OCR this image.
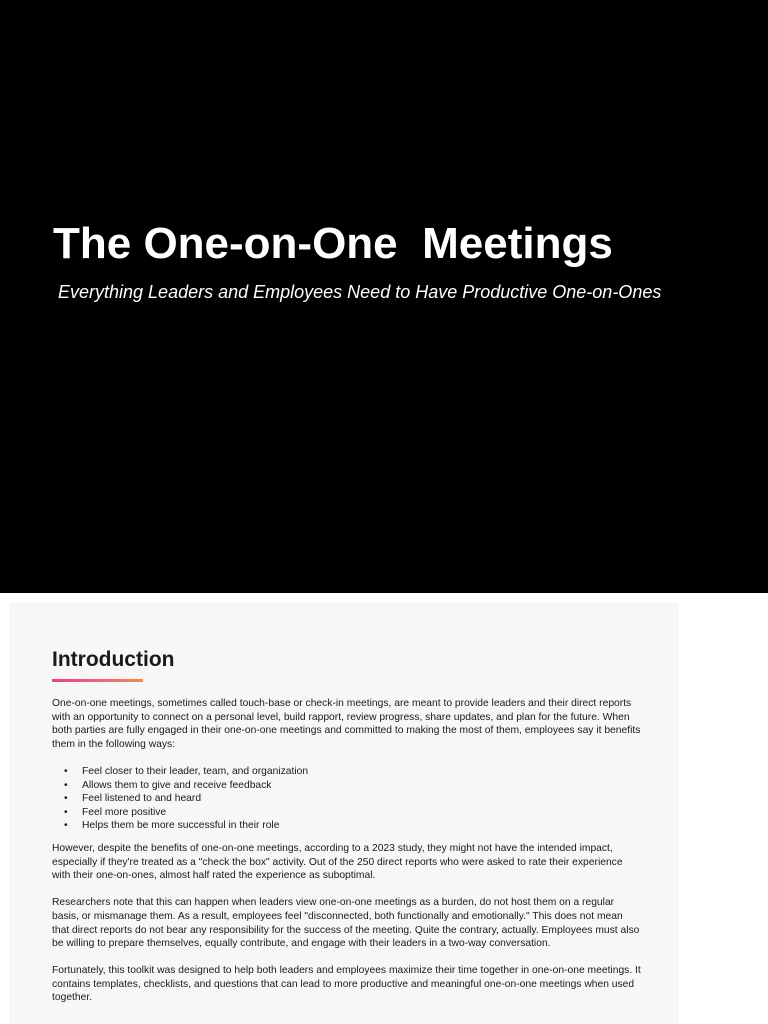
The One-on-One  Meetings

Everything Leaders and Employees Need to Have Productive One-on-Ones

Introduction

One-on-one meetings, sometimes called touch-base or check-in meetings, are meant to provide leaders and their direct reports with an opportunity to connect on a personal level, build rapport, review progress, share updates, and plan for the future. When both parties are fully engaged in their one-on-one meetings and committed to making the most of them, employees say it benefits them in the following ways:

• Feel closer to their leader, team, and organization
• Allows them to give and receive feedback
• Feel listened to and heard
• Feel more positive
• Helps them be more successful in their role

However, despite the benefits of one-on-one meetings, according to a 2023 study, they might not have the intended impact, especially if they're treated as a "check the box" activity. Out of the 250 direct reports who were asked to rate their experience with their one-on-ones, almost half rated the experience as suboptimal.

Researchers note that this can happen when leaders view one-on-one meetings as a burden, do not host them on a regular basis, or mismanage them. As a result, employees feel "disconnected, both functionally and emotionally." This does not mean that direct reports do not bear any responsibility for the success of the meeting. Quite the contrary, actually. Employees must also be willing to prepare themselves, equally contribute, and engage with their leaders in a two-way conversation.

Fortunately, this toolkit was designed to help both leaders and employees maximize their time together in one-on-one meetings. It contains templates, checklists, and questions that can lead to more productive and meaningful one-on-one meetings when used together.
